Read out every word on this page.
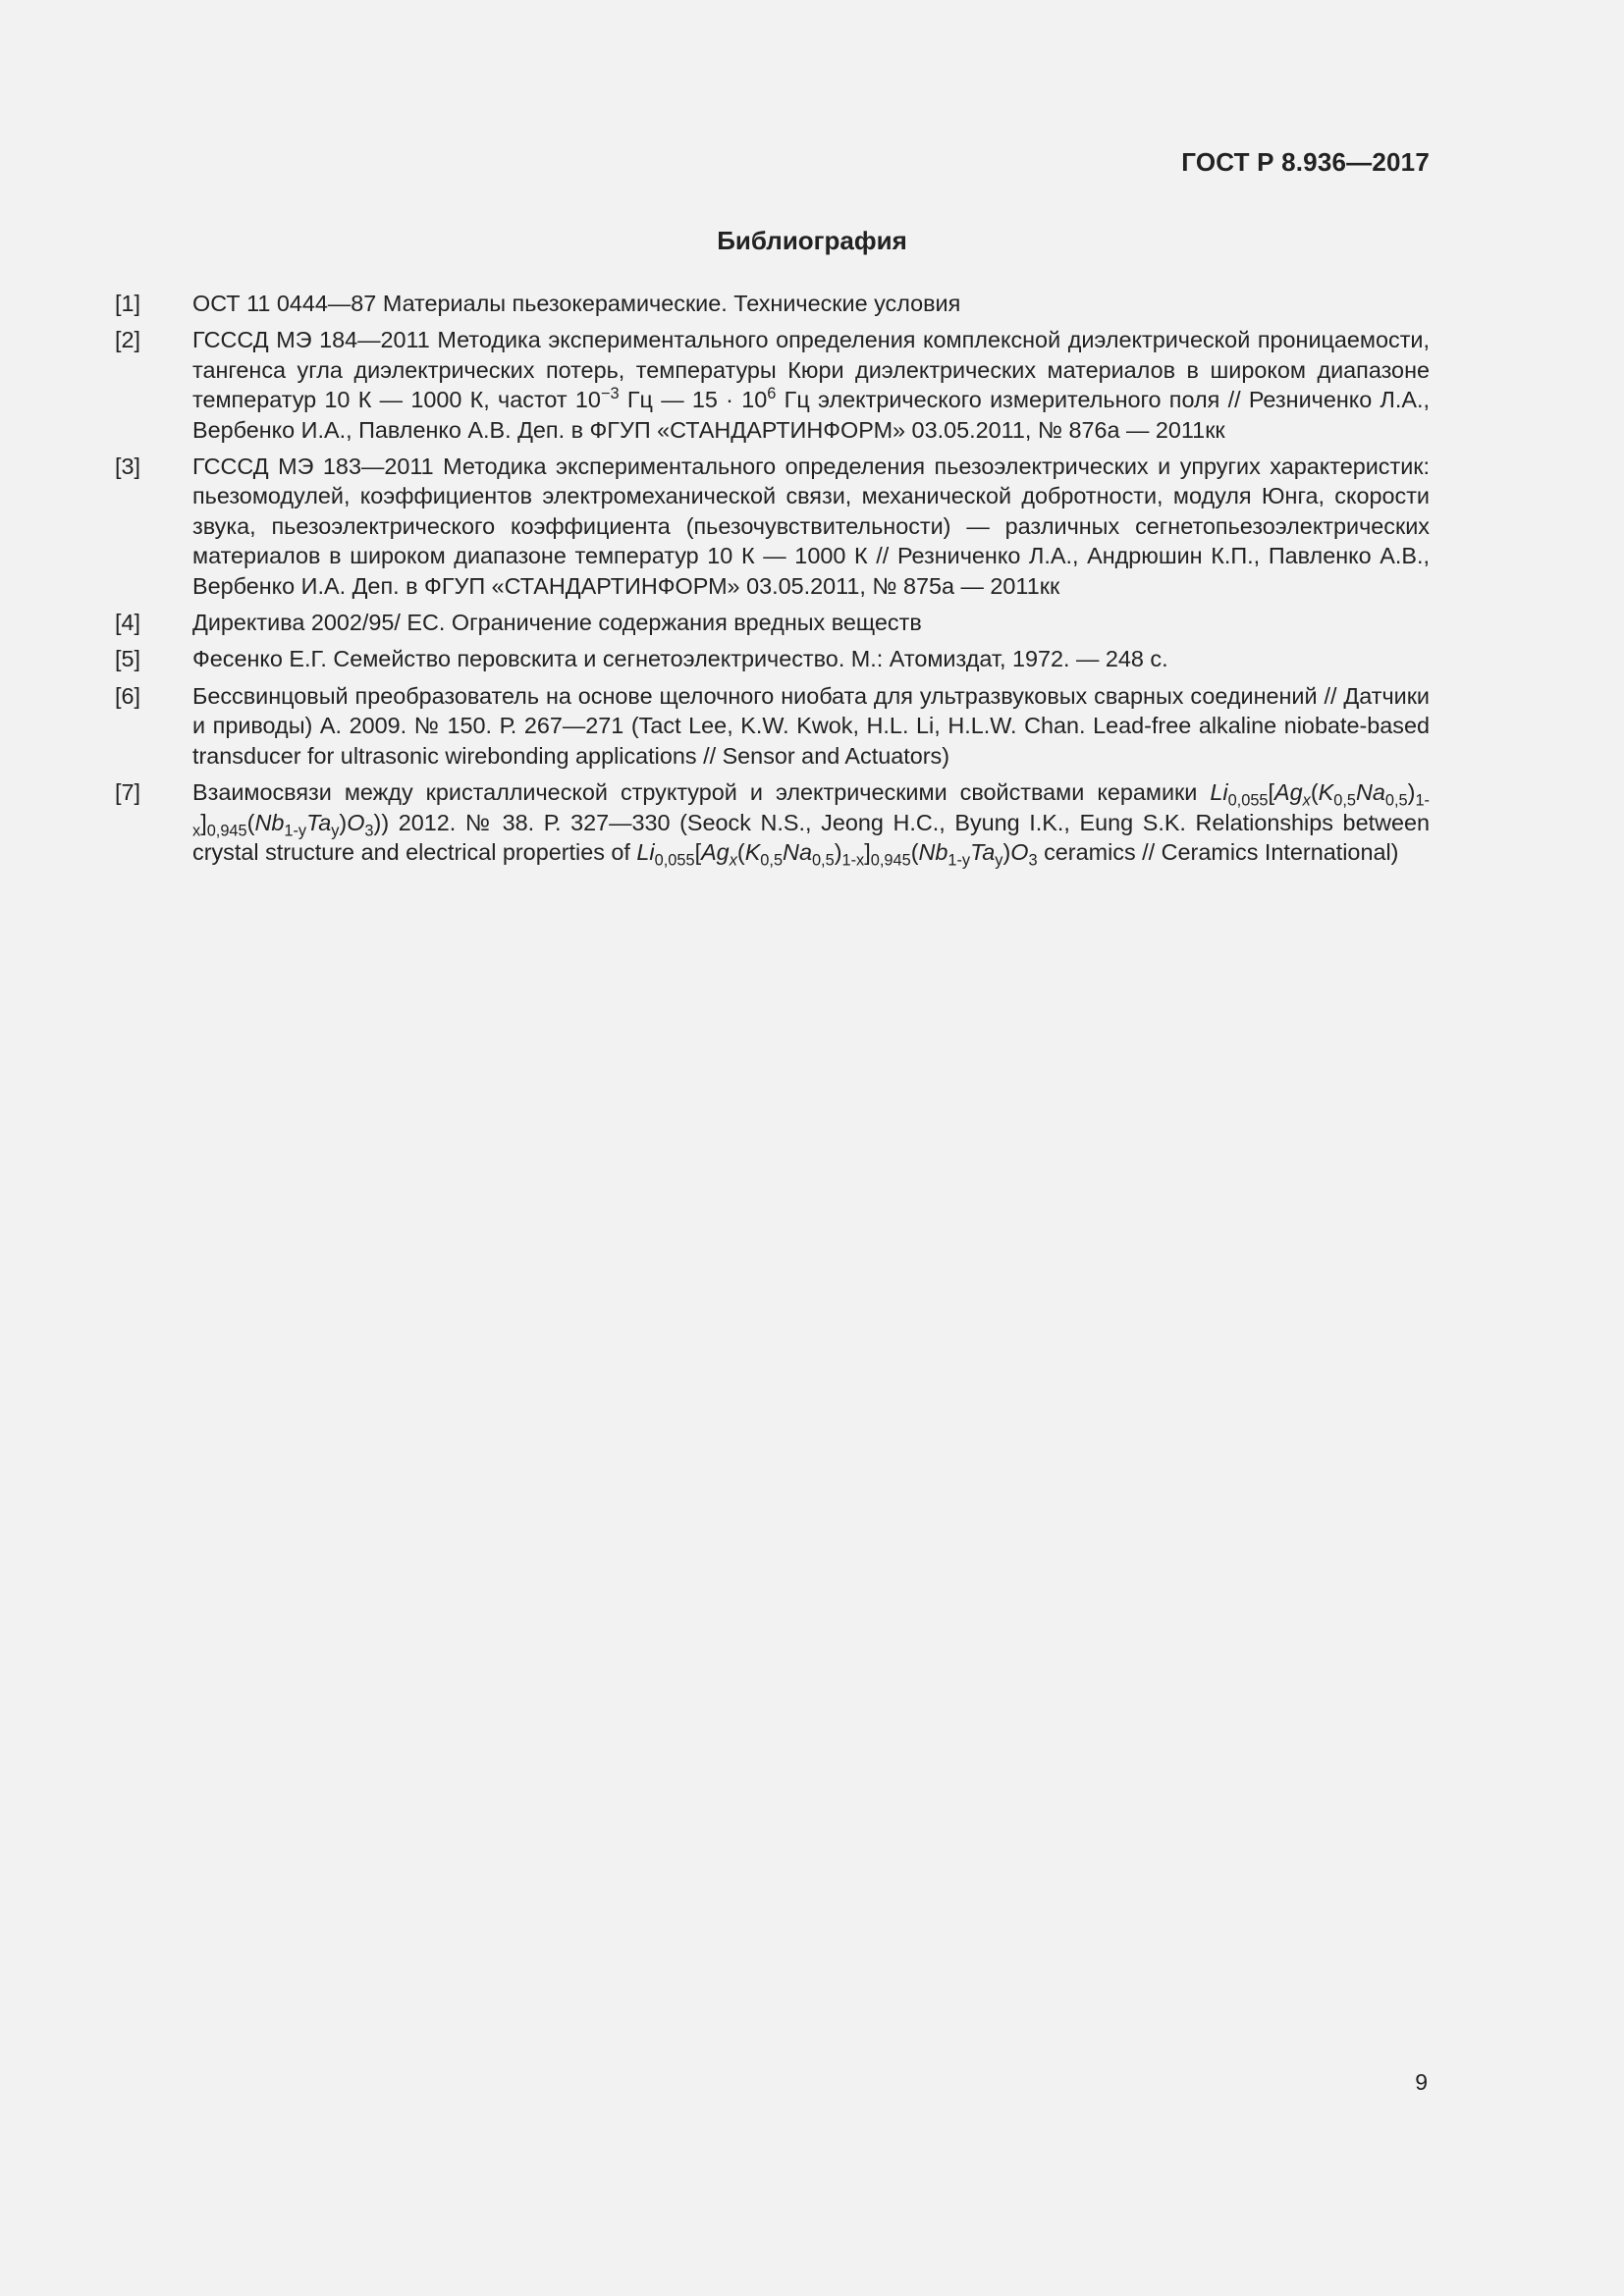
ГОСТ Р 8.936—2017
Библиография
[1]	ОСТ 11 0444—87 Материалы пьезокерамические. Технические условия
[2]	ГСССД МЭ 184—2011 Методика экспериментального определения комплексной диэлектрической проницаемости, тангенса угла диэлектрических потерь, температуры Кюри диэлектрических материалов в широком диапазоне температур 10 К — 1000 К, частот $10^{-3}$ Гц — $15 \cdot 10^6$ Гц электрического измерительного поля // Резниченко Л.А., Вербенко И.А., Павленко А.В. Деп. в ФГУП «СТАНДАРТИНФОРМ» 03.05.2011, № 876а — 2011кк
[3]	ГСССД МЭ 183—2011 Методика экспериментального определения пьезоэлектрических и упругих характеристик: пьезомодулей, коэффициентов электромеханической связи, механической добротности, модуля Юнга, скорости звука, пьезоэлектрического коэффициента (пьезочувствительности) — различных сегнетопьезоэлектрических материалов в широком диапазоне температур 10 К — 1000 К // Резниченко Л.А., Андрюшин К.П., Павленко А.В., Вербенко И.А. Деп. в ФГУП «СТАНДАРТИНФОРМ» 03.05.2011, № 875а — 2011кк
[4]	Директива 2002/95/ ЕС. Ограничение содержания вредных веществ
[5]	Фесенко Е.Г. Семейство перовскита и сегнетоэлектричество. М.: Атомиздат, 1972. — 248 с.
[6]	Бессвинцовый преобразователь на основе щелочного ниобата для ультразвуковых сварных соединений // Датчики и приводы) А. 2009. № 150. Р. 267—271 (Tact Lee, K.W. Kwok, H.L. Li, H.L.W. Chan. Lead-free alkaline niobate-based transducer for ultrasonic wirebonding applications // Sensor and Actuators)
[7]	Взаимосвязи между кристаллической структурой и электрическими свойствами керамики $Li_{0,055}[Ag_x(K_{0,5}Na_{0,5})_{1-x}]_{0,945}(Nb_{1-y}Ta_y)O_3$)) 2012. № 38. Р. 327—330 (Seock N.S., Jeong H.C., Byung I.K., Eung S.K. Relationships between crystal structure and electrical properties of $Li_{0,055}[Ag_x(K_{0,5}Na_{0,5})_{1-x}]_{0,945}(Nb_{1-y}Ta_y)O_3$ ceramics // Ceramics International)
9
